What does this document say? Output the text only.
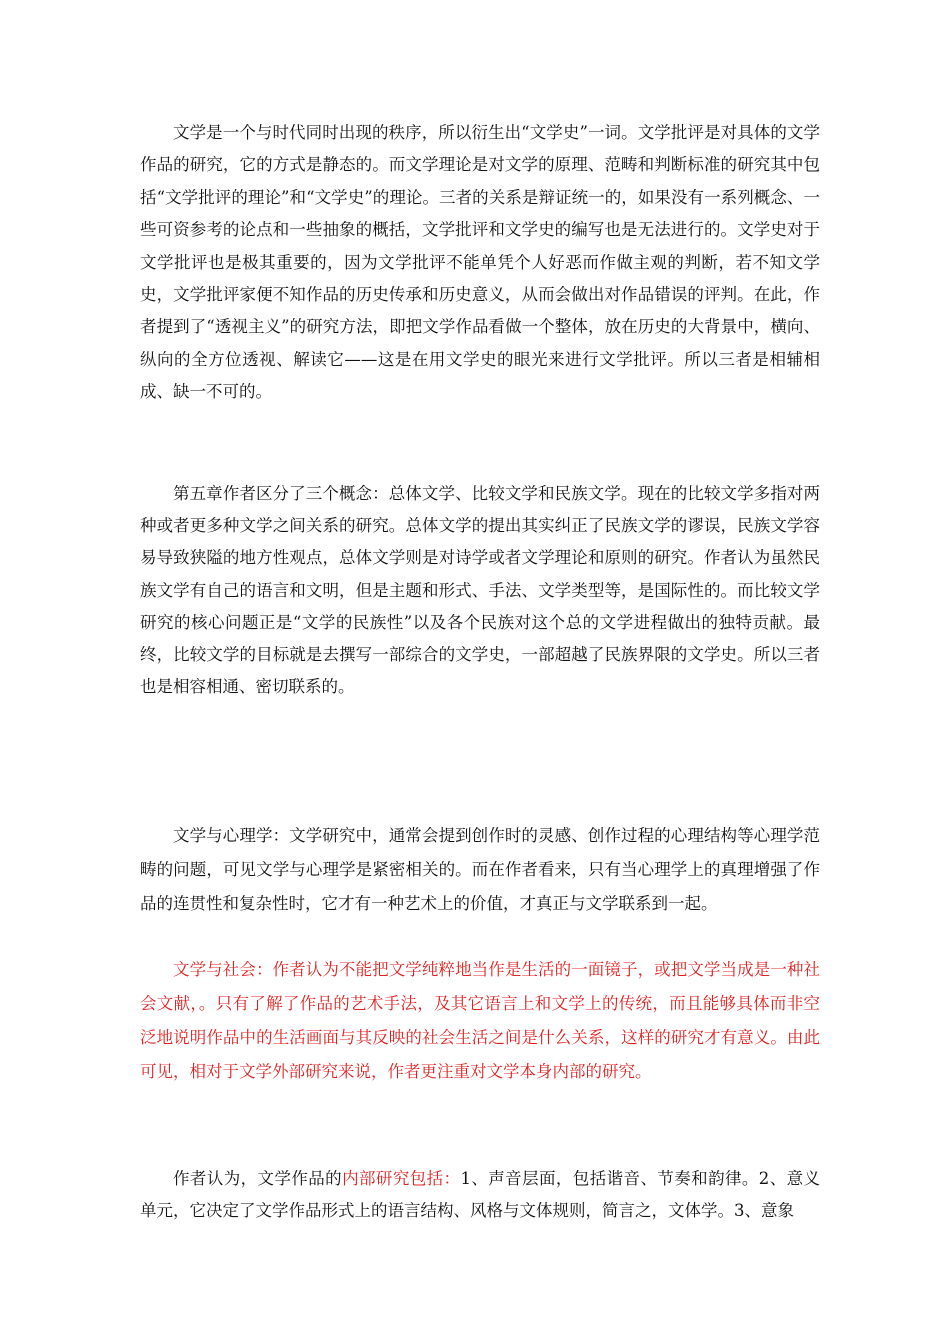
文学是一个与时代同时出现的秩序，所以衍生出“文学史”一词。文学批评是对具体的文学作品的研究，它的方式是静态的。而文学理论是对文学的原理、范畴和判断标准的研究其中包括“文学批评的理论”和“文学史”的理论。三者的关系是辩证统一的，如果没有一系列概念、一些可资参考的论点和一些抽象的概括，文学批评和文学史的编写也是无法进行的。文学史对于文学批评也是极其重要的，因为文学批评不能单凭个人好恶而作做主观的判断，若不知文学史，文学批评家便不知作品的历史传承和历史意义，从而会做出对作品错误的评判。在此，作者提到了“透视主义”的研究方法，即把文学作品看做一个整体，放在历史的大背景中，横向、纵向的全方位透视、解读它——这是在用文学史的眼光来进行文学批评。所以三者是相辅相成、缺一不可的。

第五章作者区分了三个概念：总体文学、比较文学和民族文学。现在的比较文学多指对两种或者更多种文学之间关系的研究。总体文学的提出其实纠正了民族文学的谬误，民族文学容易导致狭隘的地方性观点，总体文学则是对诗学或者文学理论和原则的研究。作者认为虽然民族文学有自己的语言和文明，但是主题和形式、手法、文学类型等，是国际性的。而比较文学研究的核心问题正是“文学的民族性”以及各个民族对这个总的文学进程做出的独特贡献。最终，比较文学的目标就是去撰写一部综合的文学史，一部超越了民族界限的文学史。所以三者也是相容相通、密切联系的。

文学与心理学：文学研究中，通常会提到创作时的灵感、创作过程的心理结构等心理学范畴的问题，可见文学与心理学是紧密相关的。而在作者看来，只有当心理学上的真理增强了作品的连贯性和复杂性时，它才有一种艺术上的价值，才真正与文学联系到一起。

文学与社会：作者认为不能把文学纯粹地当作是生活的一面镜子，或把文学当成是一种社会文献，。只有了解了作品的艺术手法，及其它语言上和文学上的传统，而且能够具体而非空泛地说明作品中的生活画面与其反映的社会生活之间是什么关系，这样的研究才有意义。由此可见，相对于文学外部研究来说，作者更注重对文学本身内部的研究。

作者认为，文学作品的内部研究包括：1、声音层面，包括谐音、节奏和韵律。2、意义单元，它决定了文学作品形式上的语言结构、风格与文体规则，简言之，文体学。3、意象
